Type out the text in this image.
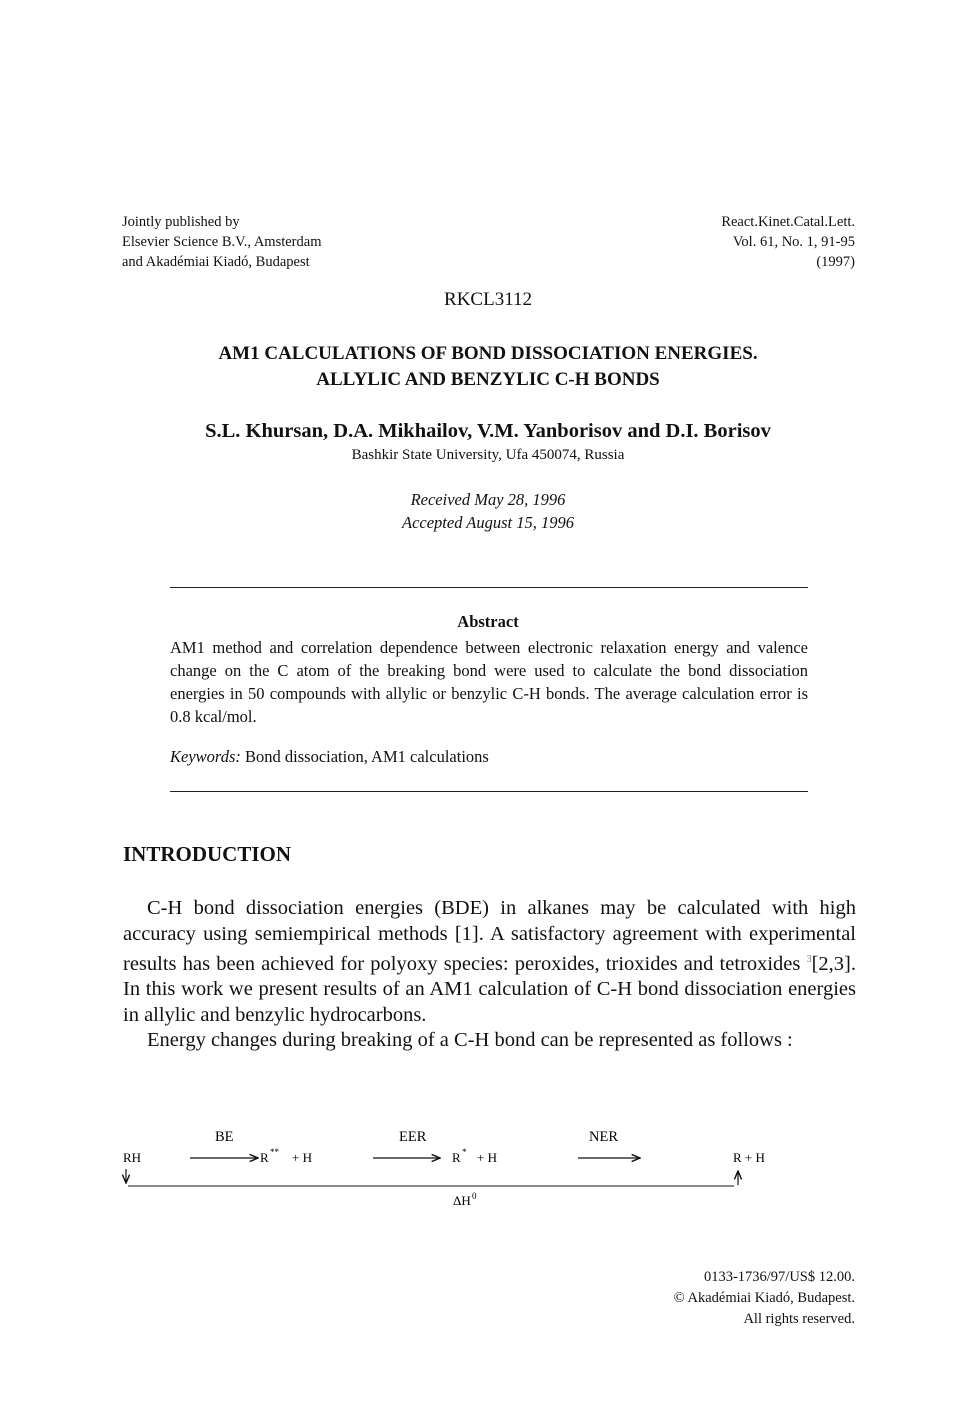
Jointly published by
Elsevier Science B.V., Amsterdam
and Akadémiai Kiadó, Budapest
React.Kinet.Catal.Lett.
Vol. 61, No. 1, 91-95
(1997)
RKCL3112
AM1 CALCULATIONS OF BOND DISSOCIATION ENERGIES.
ALLYLIC AND BENZYLIC C-H BONDS
S.L. Khursan, D.A. Mikhailov, V.M. Yanborisov and D.I. Borisov
Bashkir State University, Ufa 450074, Russia
Received May 28, 1996
Accepted August 15, 1996
Abstract
AM1 method and correlation dependence between electronic relaxation energy and valence change on the C atom of the breaking bond were used to calculate the bond dissociation energies in 50 compounds with allylic or benzylic C-H bonds. The average calculation error is 0.8 kcal/mol.
Keywords: Bond dissociation, AM1 calculations
INTRODUCTION

C-H bond dissociation energies (BDE) in alkanes may be calculated with high accuracy using semiempirical methods [1]. A satisfactory agreement with experimental results has been achieved for polyoxy species: peroxides, trioxides and tetroxides $^3$[2,3]. In this work we present results of an AM1 calculation of C-H bond dissociation energies in allylic and benzylic hydrocarbons.

Energy changes during breaking of a C-H bond can be represented as follows :

BE	EER	NER
RH	R ** + H	R * + H	R + H
ΔH 0
0133-1736/97/US$ 12.00.
© Akadémiai Kiadó, Budapest.
All rights reserved.
